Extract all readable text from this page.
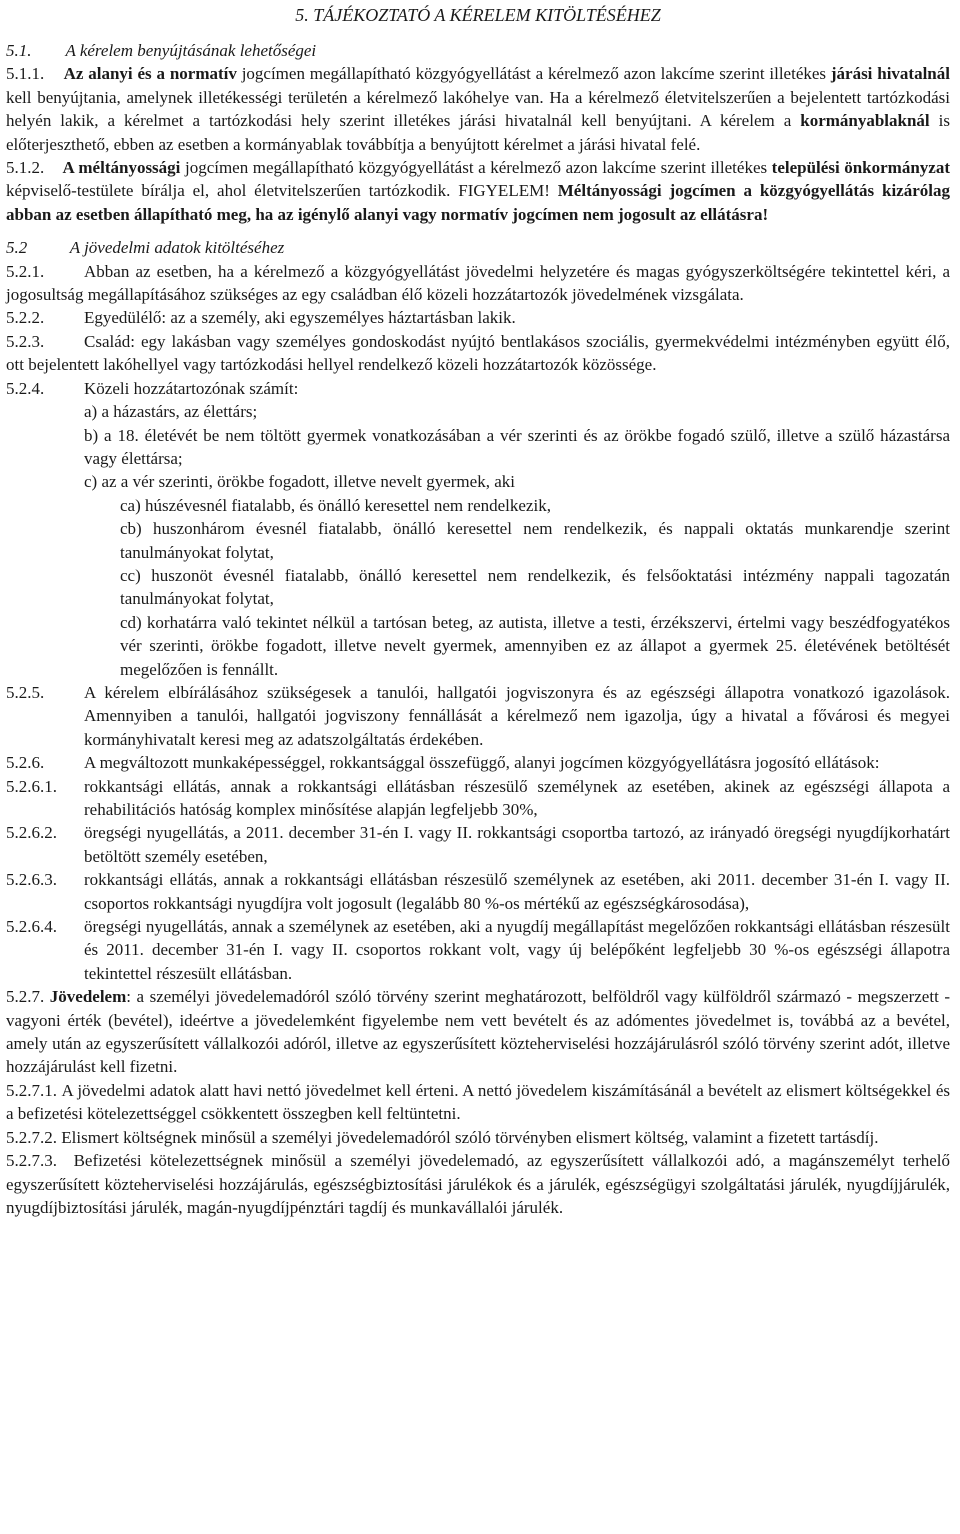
5. TÁJÉKOZTATÓ A KÉRELEM KITÖLTÉSÉHEZ

5.1. A kérelem benyújtásának lehetőségei

5.1.1. Az alanyi és a normatív jogcímen megállapítható közgyógyellátást a kérelmező azon lakcíme szerint illetékes járási hivatalnál kell benyújtania, amelynek illetékességi területén a kérelmező lakóhelye van. Ha a kérelmező életvitelszerűen a bejelentett tartózkodási helyén lakik, a kérelmet a tartózkodási hely szerint illetékes járási hivatalnál kell benyújtani. A kérelem a kormányablaknál is előterjeszthető, ebben az esetben a kormányablak továbbítja a benyújtott kérelmet a járási hivatal felé.

5.1.2. A méltányossági jogcímen megállapítható közgyógyellátást a kérelmező azon lakcíme szerint illetékes települési önkormányzat képviselő-testülete bírálja el, ahol életvitelszerűen tartózkodik. FIGYELEM! Méltányossági jogcímen a közgyógyellátás kizárólag abban az esetben állapítható meg, ha az igénylő alanyi vagy normatív jogcímen nem jogosult az ellátásra!

5.2	A jövedelmi adatok kitöltéséhez

5.2.1. Abban az esetben, ha a kérelmező a közgyógyellátást jövedelmi helyzetére és magas gyógyszerköltségére tekintettel kéri, a jogosultság megállapításához szükséges az egy családban élő közeli hozzátartozók jövedelmének vizsgálata.

5.2.2. Egyedülélő: az a személy, aki egyszemélyes háztartásban lakik.

5.2.3. Család: egy lakásban vagy személyes gondoskodást nyújtó bentlakásos szociális, gyermekvédelmi intézményben együtt élő, ott bejelentett lakóhellyel vagy tartózkodási hellyel rendelkező közeli hozzátartozók közössége.

5.2.4. Közeli hozzátartozónak számít:

a) a házastárs, az élettárs;

b) a 18. életévét be nem töltött gyermek vonatkozásában a vér szerinti és az örökbe fogadó szülő, illetve a szülő házastársa vagy élettársa;

c) az a vér szerinti, örökbe fogadott, illetve nevelt gyermek, aki

ca) húszévesnél fiatalabb, és önálló keresettel nem rendelkezik,

cb) huszonhárom évesnél fiatalabb, önálló keresettel nem rendelkezik, és nappali oktatás munkarendje szerint tanulmányokat folytat,

cc) huszonöt évesnél fiatalabb, önálló keresettel nem rendelkezik, és felsőoktatási intézmény nappali tagozatán tanulmányokat folytat,

cd) korhatárra való tekintet nélkül a tartósan beteg, az autista, illetve a testi, érzékszervi, értelmi vagy beszédfogyatékos vér szerinti, örökbe fogadott, illetve nevelt gyermek, amennyiben ez az állapot a gyermek 25. életévének betöltését megelőzően is fennállt.

5.2.5.	A kérelem elbírálásához szükségesek a tanulói, hallgatói jogviszonyra és az egészségi állapotra vonatkozó igazolások. Amennyiben a tanulói, hallgatói jogviszony fennállását a kérelmező nem igazolja, úgy a hivatal a fővárosi és megyei kormányhivatalt keresi meg az adatszolgáltatás érdekében.
5.2.6.	A megváltozott munkaképességgel, rokkantsággal összefüggő, alanyi jogcímen közgyógyellátásra jogosító ellátások:
5.2.6.1.	rokkantsági ellátás, annak a rokkantsági ellátásban részesülő személynek az esetében, akinek az egészségi állapota a rehabilitációs hatóság komplex minősítése alapján legfeljebb 30%,
5.2.6.2.	öregségi nyugellátás, a 2011. december 31-én I. vagy II. rokkantsági csoportba tartozó, az irányadó öregségi nyugdíjkorhatárt betöltött személy esetében,
5.2.6.3.	rokkantsági ellátás, annak a rokkantsági ellátásban részesülő személynek az esetében, aki 2011. december 31-én I. vagy II. csoportos rokkantsági nyugdíjra volt jogosult (legalább 80 %-os mértékű az egészségkárosodása),
5.2.6.4.	öregségi nyugellátás, annak a személynek az esetében, aki a nyugdíj megállapítást megelőzően rokkantsági ellátásban részesült és 2011. december 31-én I. vagy II. csoportos rokkant volt, vagy új belépőként legfeljebb 30 %-os egészségi állapotra tekintettel részesült ellátásban.

5.2.7. Jövedelem: a személyi jövedelemadóról szóló törvény szerint meghatározott, belföldről vagy külföldről származó - megszerzett - vagyoni érték (bevétel), ideértve a jövedelemként figyelembe nem vett bevételt és az adómentes jövedelmet is, továbbá az a bevétel, amely után az egyszerűsített vállalkozói adóról, illetve az egyszerűsített közteherviselési hozzájárulásról szóló törvény szerint adót, illetve hozzájárulást kell fizetni.

5.2.7.1. A jövedelmi adatok alatt havi nettó jövedelmet kell érteni. A nettó jövedelem kiszámításánál a bevételt az elismert költségekkel és a befizetési kötelezettséggel csökkentett összegben kell feltüntetni.

5.2.7.2. Elismert költségnek minősül a személyi jövedelemadóról szóló törvényben elismert költség, valamint a fizetett tartásdíj.

5.2.7.3. Befizetési kötelezettségnek minősül a személyi jövedelemadó, az egyszerűsített vállalkozói adó, a magánszemélyt terhelő egyszerűsített közteherviselési hozzájárulás, egészségbiztosítási járulékok és a járulék, egészségügyi szolgáltatási járulék, nyugdíjjárulék, nyugdíjbiztosítási járulék, magán-nyugdíjpénztári tagdíj és munkavállalói járulék.
